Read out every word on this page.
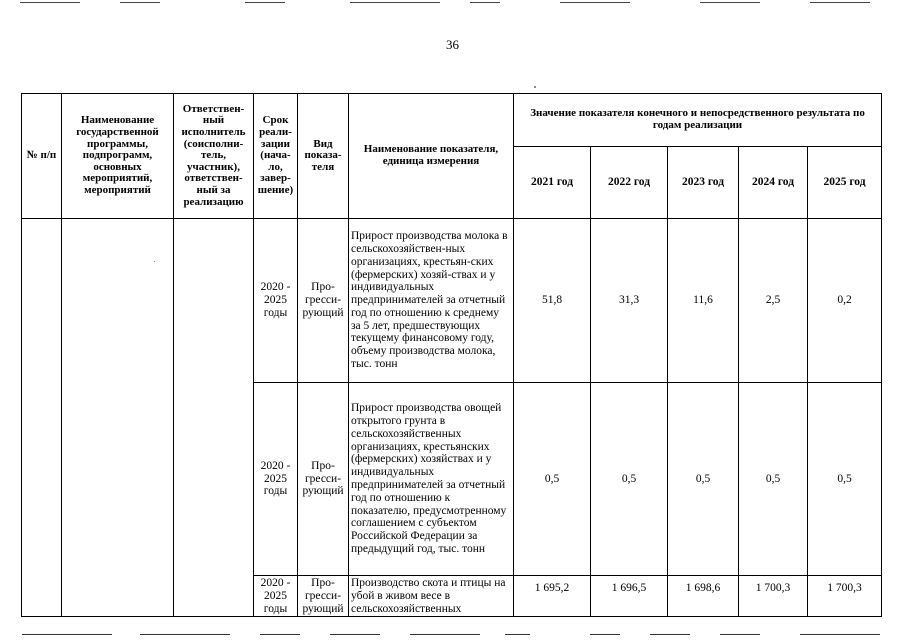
36
№ п/п	Наименование государственной программы, подпрограмм, основных мероприятий, мероприятий	Ответствен-ный исполнитель (соисполни-тель, участник), ответствен-ный за реализацию	Срок реали-зации (нача-ло, завер-шение)	Вид показа-теля	Наименование показателя, единица измерения	Значение показателя конечного и непосредственного результата по годам реализации				
						2021 год	2022 год	2023 год	2024 год	2025 год
			2020 - 2025 годы	Про-гресси-рующий	Прирост производства молока в сельскохозяйствен-ных организациях, крестьян-ских (фермерских) хозяй-ствах и у индивидуальных предпринимателей за отчетный год по отношению к среднему за 5 лет, предшествующих текущему финансовому году, объему производства молока, тыс. тонн	51,8	31,3	11,6	2,5	0,2
			2020 - 2025 годы	Про-гресси-рующий	Прирост производства овощей открытого грунта в сельскохозяйственных организациях, крестьянских (фермерских) хозяйствах и у индивидуальных предпринимателей за отчетный год по отношению к показателю, предусмотренному соглашением с субъектом Российской Федерации за предыдущий год, тыс. тонн	0,5	0,5	0,5	0,5	0,5
			2020 - 2025 годы	Про-гресси-рующий	Производство скота и птицы на убой в живом весе в сельскохозяйственных	1 695,2	1 696,5	1 698,6	1 700,3	1 700,3
